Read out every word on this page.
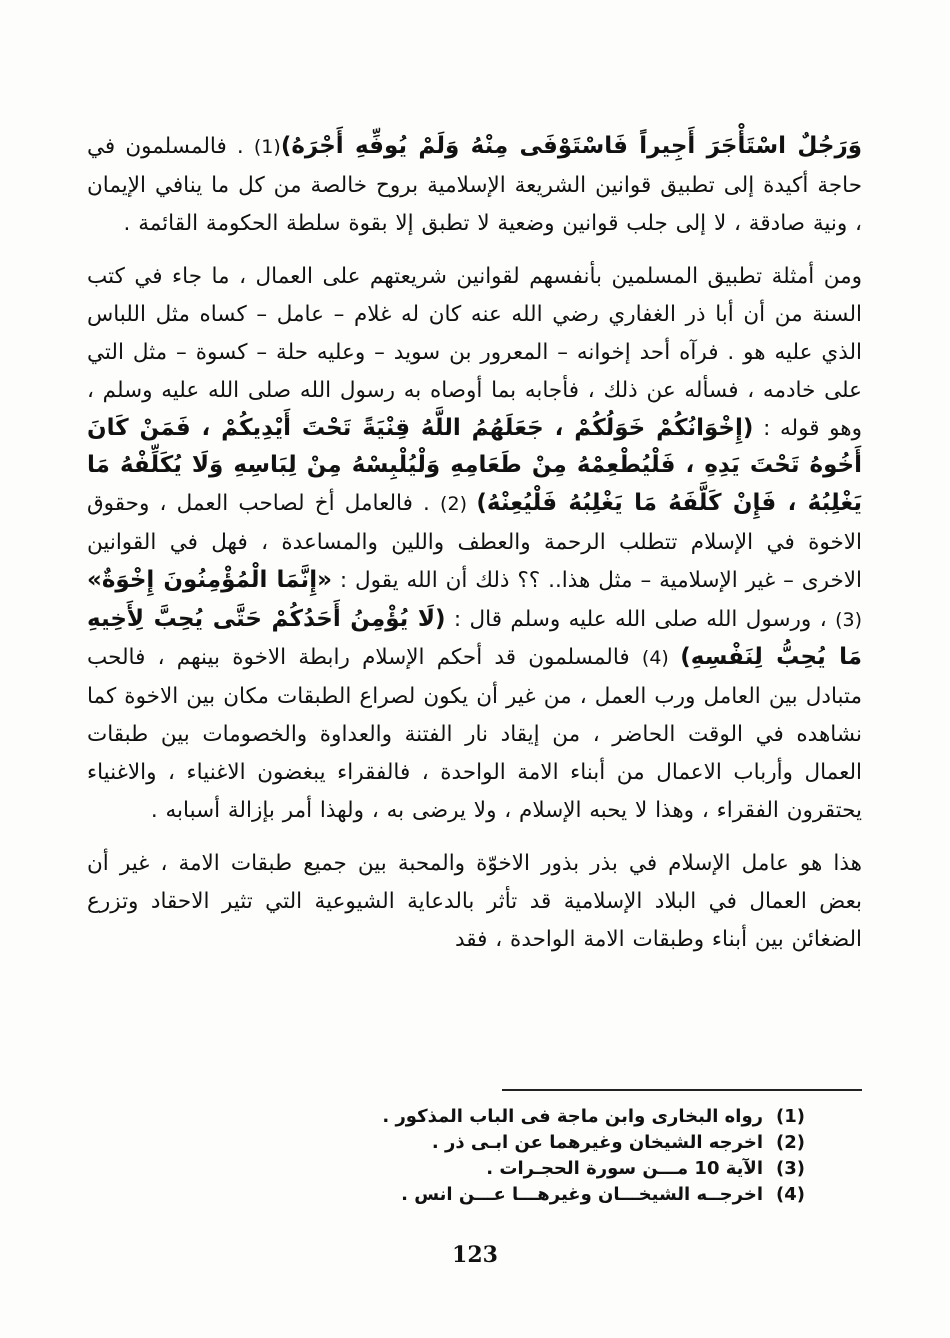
وَرَجُلٌ اسْتَأْجَرَ أَجِيراً فَاسْتَوْفَى مِنْهُ وَلَمْ يُوفِّهِ أَجْرَهُ)(1) . فالمسلمون في حاجة أكيدة إلى تطبيق قوانين الشريعة الإسلامية بروح خالصة من كل ما ينافي الإيمان ، ونية صادقة ، لا إلى جلب قوانين وضعية لا تطبق إلا بقوة سلطة الحكومة القائمة .

ومن أمثلة تطبيق المسلمين بأنفسهم لقوانين شريعتهم على العمال ، ما جاء في كتب السنة من أن أبا ذر الغفاري رضي الله عنه كان له غلام – عامل – كساه مثل اللباس الذي عليه هو . فرآه أحد إخوانه – المعرور بن سويد – وعليه حلة – كسوة – مثل التي على خادمه ، فسأله عن ذلك ، فأجابه بما أوصاه به رسول الله صلى الله عليه وسلم ، وهو قوله : (إِخْوَانُكُمْ خَوَلُكُمْ ، جَعَلَهُمُ اللَّهُ قِنْيَةً تَحْتَ أَيْدِيكُمْ ، فَمَنْ كَانَ أَخُوهُ تَحْتَ يَدِهِ ، فَلْيُطْعِمْهُ مِنْ طَعَامِهِ وَلْيُلْبِسْهُ مِنْ لِبَاسِهِ وَلَا يُكَلِّفْهُ مَا يَغْلِبُهُ ، فَإِنْ كَلَّفَهُ مَا يَغْلِبُهُ فَلْيُعِنْهُ) (2) . فالعامل أخ لصاحب العمل ، وحقوق الاخوة في الإسلام تتطلب الرحمة والعطف واللين والمساعدة ، فهل في القوانين الاخرى – غير الإسلامية – مثل هذا.. ؟؟ ذلك أن الله يقول : «إِنَّمَا الْمُؤْمِنُونَ إِخْوَةٌ» (3) ، ورسول الله صلى الله عليه وسلم قال : (لَا يُؤْمِنُ أَحَدُكُمْ حَتَّى يُحِبَّ لِأَخِيهِ مَا يُحِبُّ لِنَفْسِهِ) (4) فالمسلمون قد أحكم الإسلام رابطة الاخوة بينهم ، فالحب متبادل بين العامل ورب العمل ، من غير أن يكون لصراع الطبقات مكان بين الاخوة كما نشاهده في الوقت الحاضر ، من إيقاد نار الفتنة والعداوة والخصومات بين طبقات العمال وأرباب الاعمال من أبناء الامة الواحدة ، فالفقراء يبغضون الاغنياء ، والاغنياء يحتقرون الفقراء ، وهذا لا يحبه الإسلام ، ولا يرضى به ، ولهذا أمر بإزالة أسبابه .

هذا هو عامل الإسلام في بذر بذور الاخوّة والمحبة بين جميع طبقات الامة ، غير أن بعض العمال في البلاد الإسلامية قد تأثر بالدعاية الشيوعية التي تثير الاحقاد وتزرع الضغائن بين أبناء وطبقات الامة الواحدة ، فقد

(1)
رواه البخارى وابن ماجة فى الباب المذكور .
(2)
اخرجه الشيخان وغيرهما عن ابـى ذر .
(3)
الآية 10 مـــن سورة الحجـرات .
(4)
اخرجــه الشيخـــان وغيرهـــا عـــن انس .
123
